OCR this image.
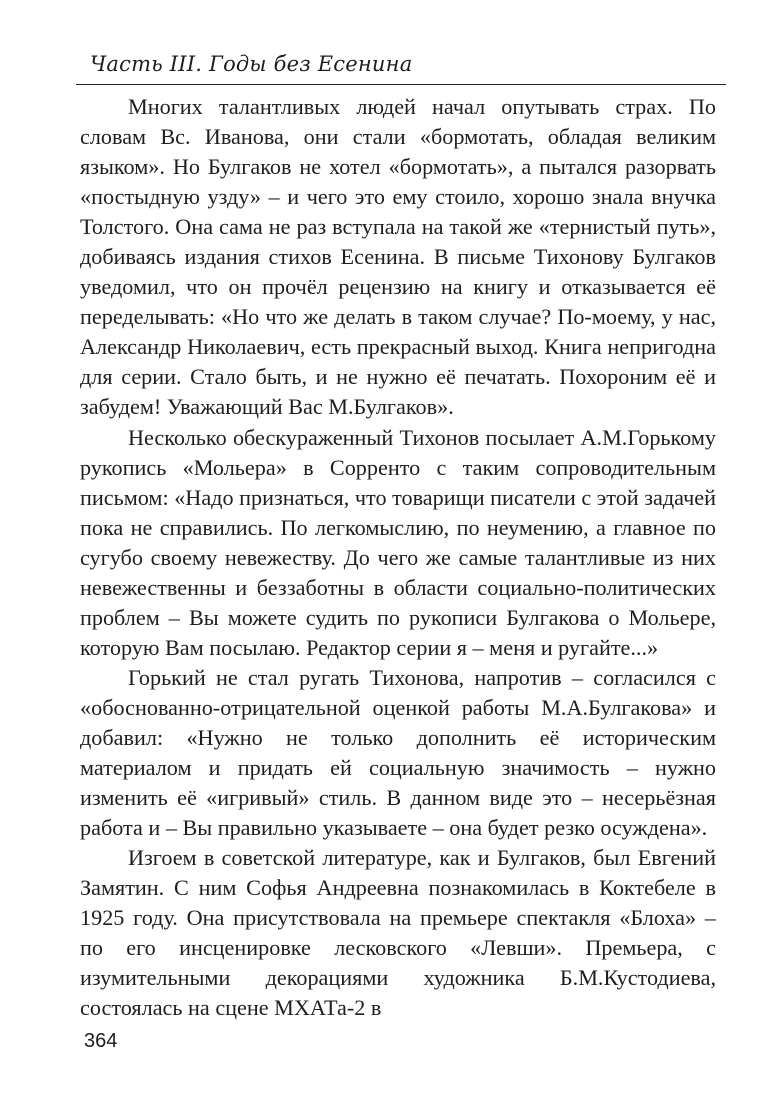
Часть III. Годы без Есенина

Многих талантливых людей начал опутывать страх. По словам Вс. Иванова, они стали «бормотать, обладая великим языком». Но Булгаков не хотел «бормотать», а пытался разорвать «постыдную узду» – и чего это ему стоило, хорошо знала внучка Толстого. Она сама не раз вступала на такой же «тернистый путь», добиваясь издания стихов Есенина. В письме Тихонову Булгаков уведомил, что он прочёл рецензию на книгу и отказывается её переделывать: «Но что же делать в таком случае? По-моему, у нас, Александр Николаевич, есть прекрасный выход. Книга непригодна для серии. Стало быть, и не нужно её печатать. Похороним её и забудем! Уважающий Вас М.Булгаков».

Несколько обескураженный Тихонов посылает А.М.Горькому рукопись «Мольера» в Сорренто с таким сопроводительным письмом: «Надо признаться, что товарищи писатели с этой задачей пока не справились. По легкомыслию, по неумению, а главное по сугубо своему невежеству. До чего же самые талантливые из них невежественны и беззаботны в области социально-политических проблем – Вы можете судить по рукописи Булгакова о Мольере, которую Вам посылаю. Редактор серии я – меня и ругайте...»

Горький не стал ругать Тихонова, напротив – согласился с «обоснованно-отрицательной оценкой работы М.А.Булгакова» и добавил: «Нужно не только дополнить её историческим материалом и придать ей социальную значимость – нужно изменить её «игривый» стиль. В данном виде это – несерьёзная работа и – Вы правильно указываете – она будет резко осуждена».

Изгоем в советской литературе, как и Булгаков, был Евгений Замятин. С ним Софья Андреевна познакомилась в Коктебеле в 1925 году. Она присутствовала на премьере спектакля «Блоха» – по его инсценировке лесковского «Левши». Премьера, с изумительными декорациями художника Б.М.Кустодиева, состоялась на сцене МХАТа-2 в

364
